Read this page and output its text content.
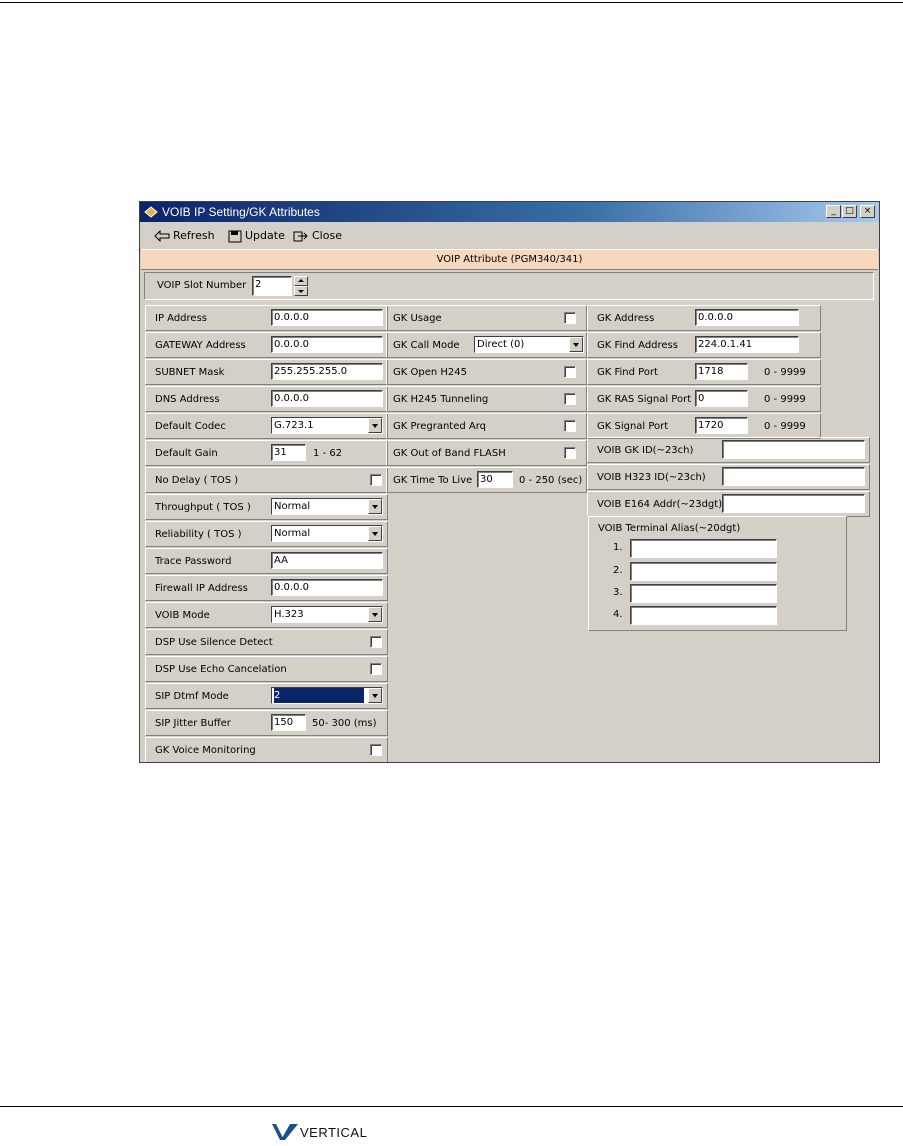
VOIB IP Setting/GK Attributes	_	□	×
Refresh	Update Close
VOIP Attribute (PGM340/341)
VOIP Slot Number 2
IP Address	0.0.0.0
GATEWAY Address	0.0.0.0
SUBNET Mask	255.255.255.0
DNS Address	0.0.0.0
Default Codec	G.723.1
Default Gain	31	1 - 62
No Delay ( TOS )
Throughput ( TOS )	Normal
Reliability ( TOS )	Normal
Trace Password	AA
Firewall IP Address	0.0.0.0
VOIB Mode	H.323
DSP Use Silence Detect
DSP Use Echo Cancelation
SIP Dtmf Mode	2
SIP Jitter Buffer	150	50- 300 (ms)
GK Voice Monitoring
GK Usage
GK Call Mode	Direct (0)
GK Open H245
GK H245 Tunneling
GK Pregranted Arq
GK Out of Band FLASH
GK Time To Live 30	0 - 250 (sec)
GK Address	0.0.0.0
GK Find Address	224.0.1.41
GK Find Port	1718	0 - 9999
GK RAS Signal Port 0	0 - 9999
GK Signal Port	1720	0 - 9999
VOIB GK ID(~23ch)
VOIB H323 ID(~23ch)
VOIB E164 Addr(~23dgt)
VOIB Terminal Alias(~20dgt)
1.
2.
3.
4.
VERTICAL
